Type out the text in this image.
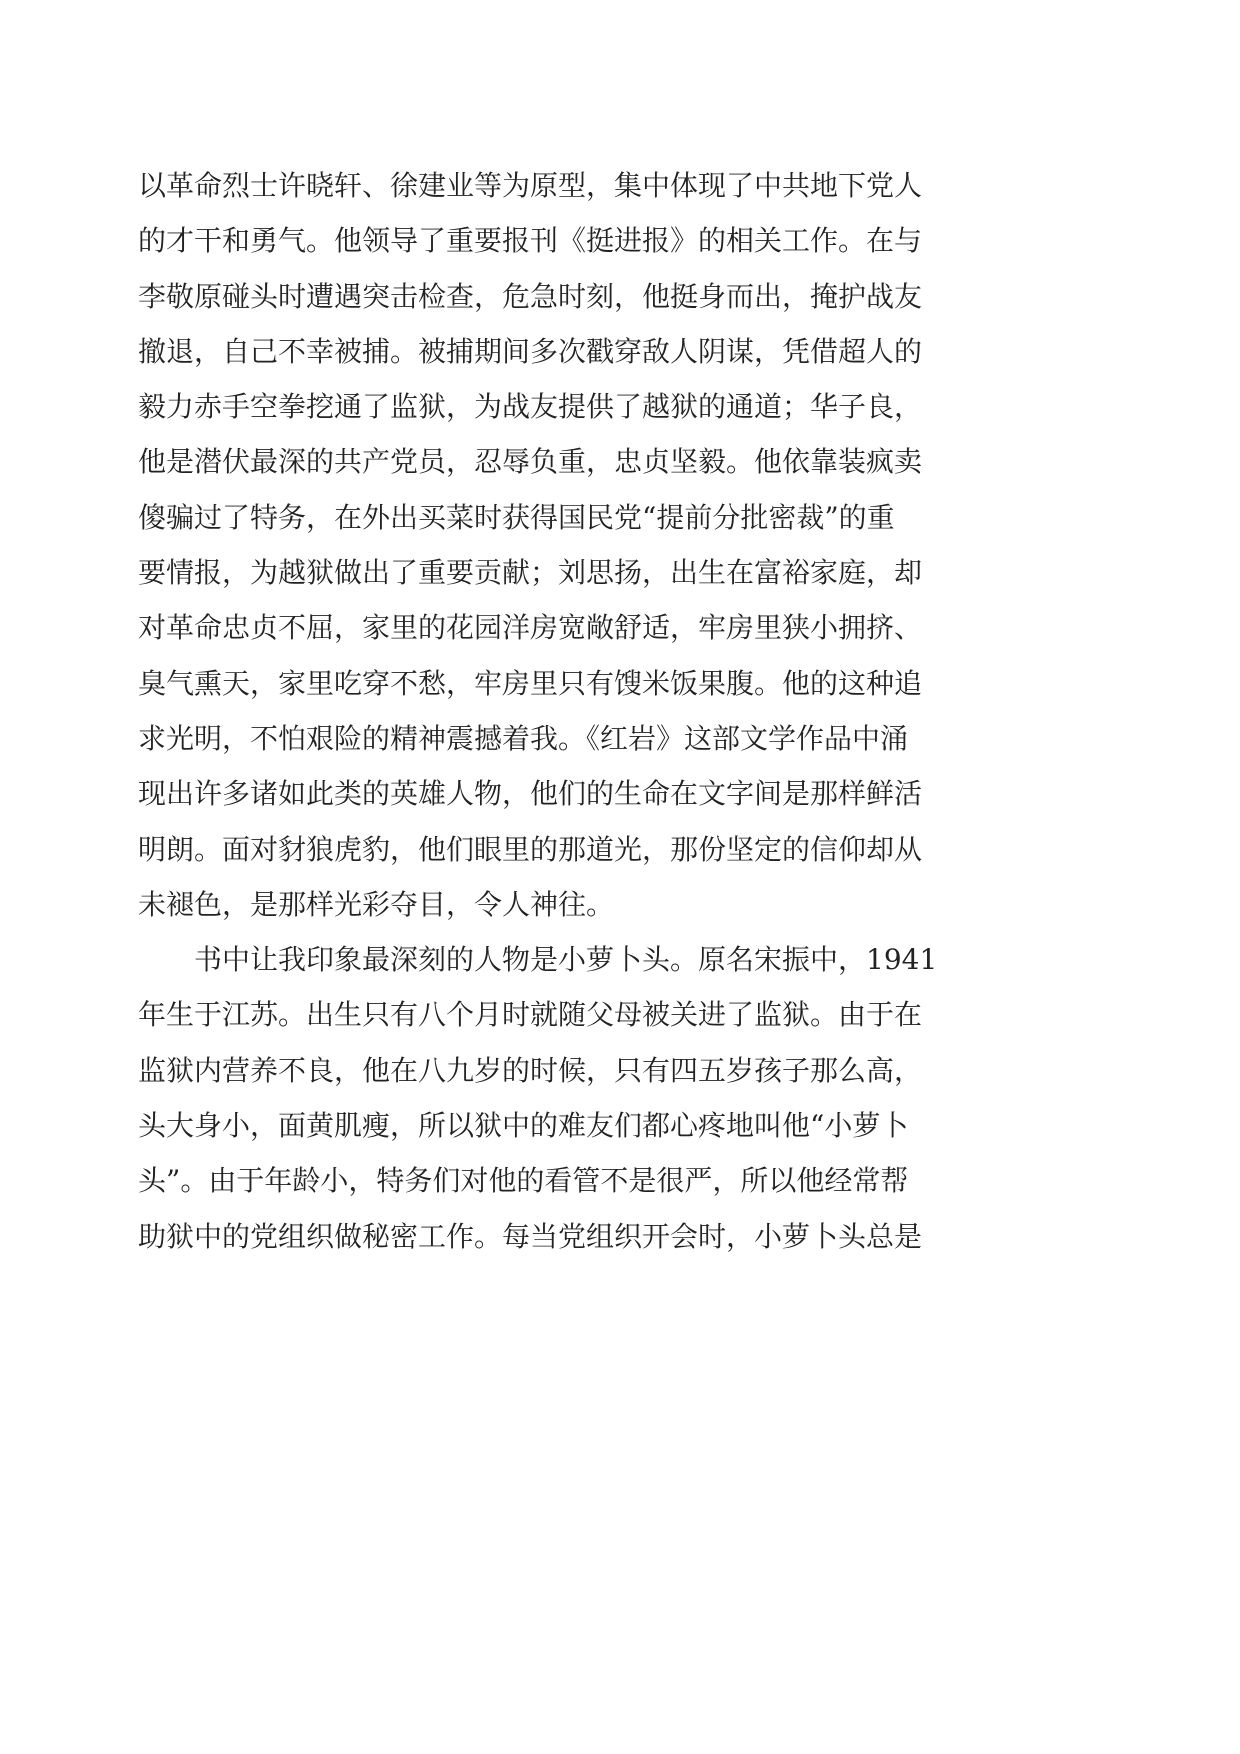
以革命烈士许晓轩、徐建业等为原型，集中体现了中共地下党人
的才干和勇气。他领导了重要报刊《挺进报》的相关工作。在与
李敬原碰头时遭遇突击检查，危急时刻，他挺身而出，掩护战友
撤退，自己不幸被捕。被捕期间多次戳穿敌人阴谋，凭借超人的
毅力赤手空拳挖通了监狱，为战友提供了越狱的通道；华子良，
他是潜伏最深的共产党员，忍辱负重，忠贞坚毅。他依靠装疯卖
傻骗过了特务，在外出买菜时获得国民党“提前分批密裁”的重
要情报，为越狱做出了重要贡献；刘思扬，出生在富裕家庭，却
对革命忠贞不屈，家里的花园洋房宽敞舒适，牢房里狭小拥挤、
臭气熏天，家里吃穿不愁，牢房里只有馊米饭果腹。他的这种追
求光明，不怕艰险的精神震撼着我。《红岩》这部文学作品中涌
现出许多诸如此类的英雄人物，他们的生命在文字间是那样鲜活
明朗。面对豺狼虎豹，他们眼里的那道光，那份坚定的信仰却从
未褪色，是那样光彩夺目，令人神往。
　　书中让我印象最深刻的人物是小萝卜头。原名宋振中，1941
年生于江苏。出生只有八个月时就随父母被关进了监狱。由于在
监狱内营养不良，他在八九岁的时候，只有四五岁孩子那么高，
头大身小，面黄肌瘦，所以狱中的难友们都心疼地叫他“小萝卜
头”。由于年龄小，特务们对他的看管不是很严，所以他经常帮
助狱中的党组织做秘密工作。每当党组织开会时，小萝卜头总是
